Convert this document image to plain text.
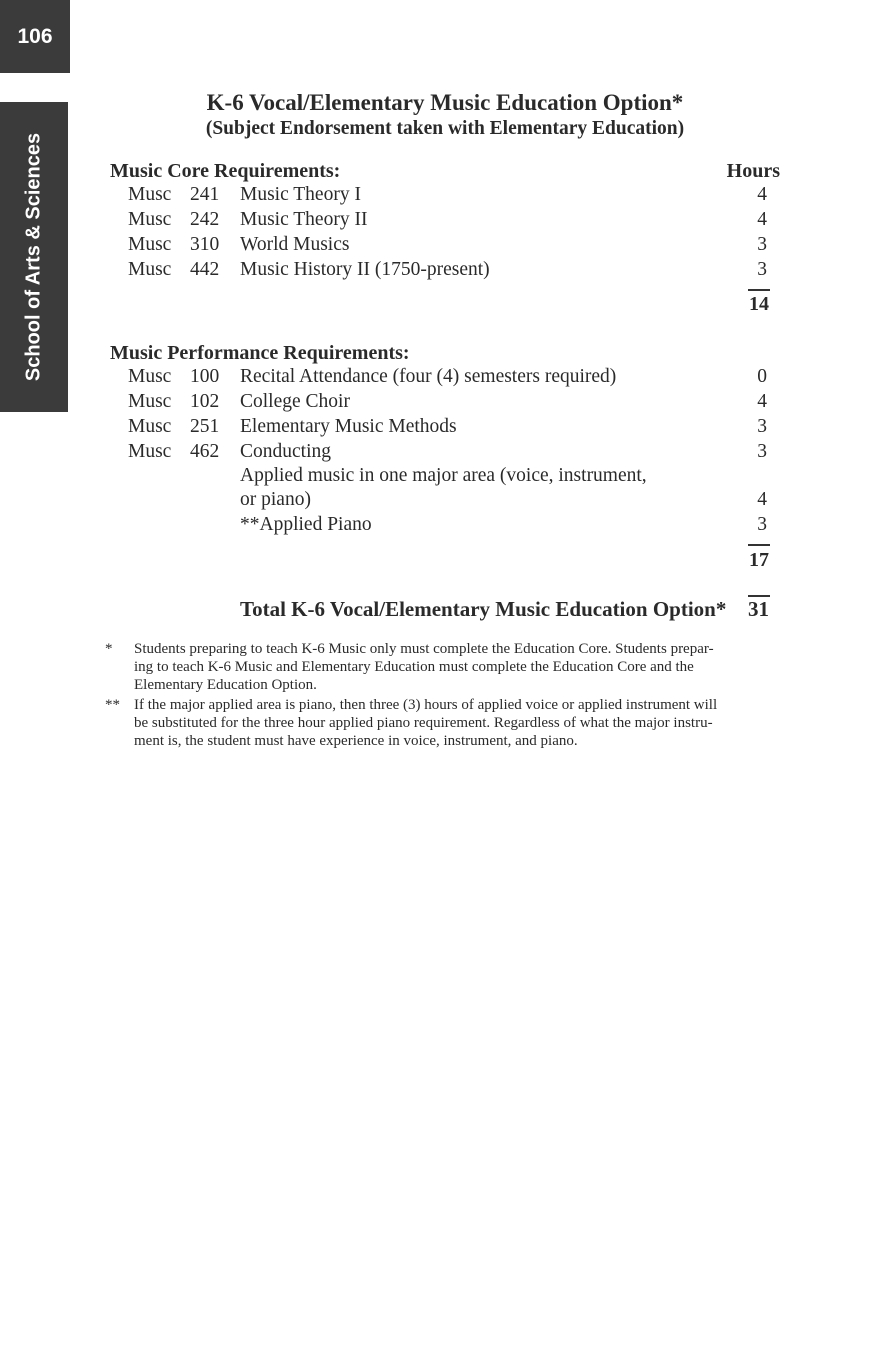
106
School of Arts & Sciences
K-6 Vocal/Elementary Music Education Option*
(Subject Endorsement taken with Elementary Education)
Music Core Requirements:	Hours
Musc 241 Music Theory I	4
Musc 242 Music Theory II	4
Musc 310 World Musics	3
Musc 442 Music History II (1750-present)	3
14
Music Performance Requirements:
Musc 100 Recital Attendance (four (4) semesters required)	0
Musc 102 College Choir	4
Musc 251 Elementary Music Methods	3
Musc 462 Conducting	3
Applied music in one major area (voice, instrument,
or piano)	4
**Applied Piano	3
17
Total K-6 Vocal/Elementary Music Education Option* 31
* Students preparing to teach K-6 Music only must complete the Education Core. Students prepar-
ing to teach K-6 Music and Elementary Education must complete the Education Core and the
Elementary Education Option.
** If the major applied area is piano, then three (3) hours of applied voice or applied instrument will
be substituted for the three hour applied piano requirement. Regardless of what the major instru-
ment is, the student must have experience in voice, instrument, and piano.
